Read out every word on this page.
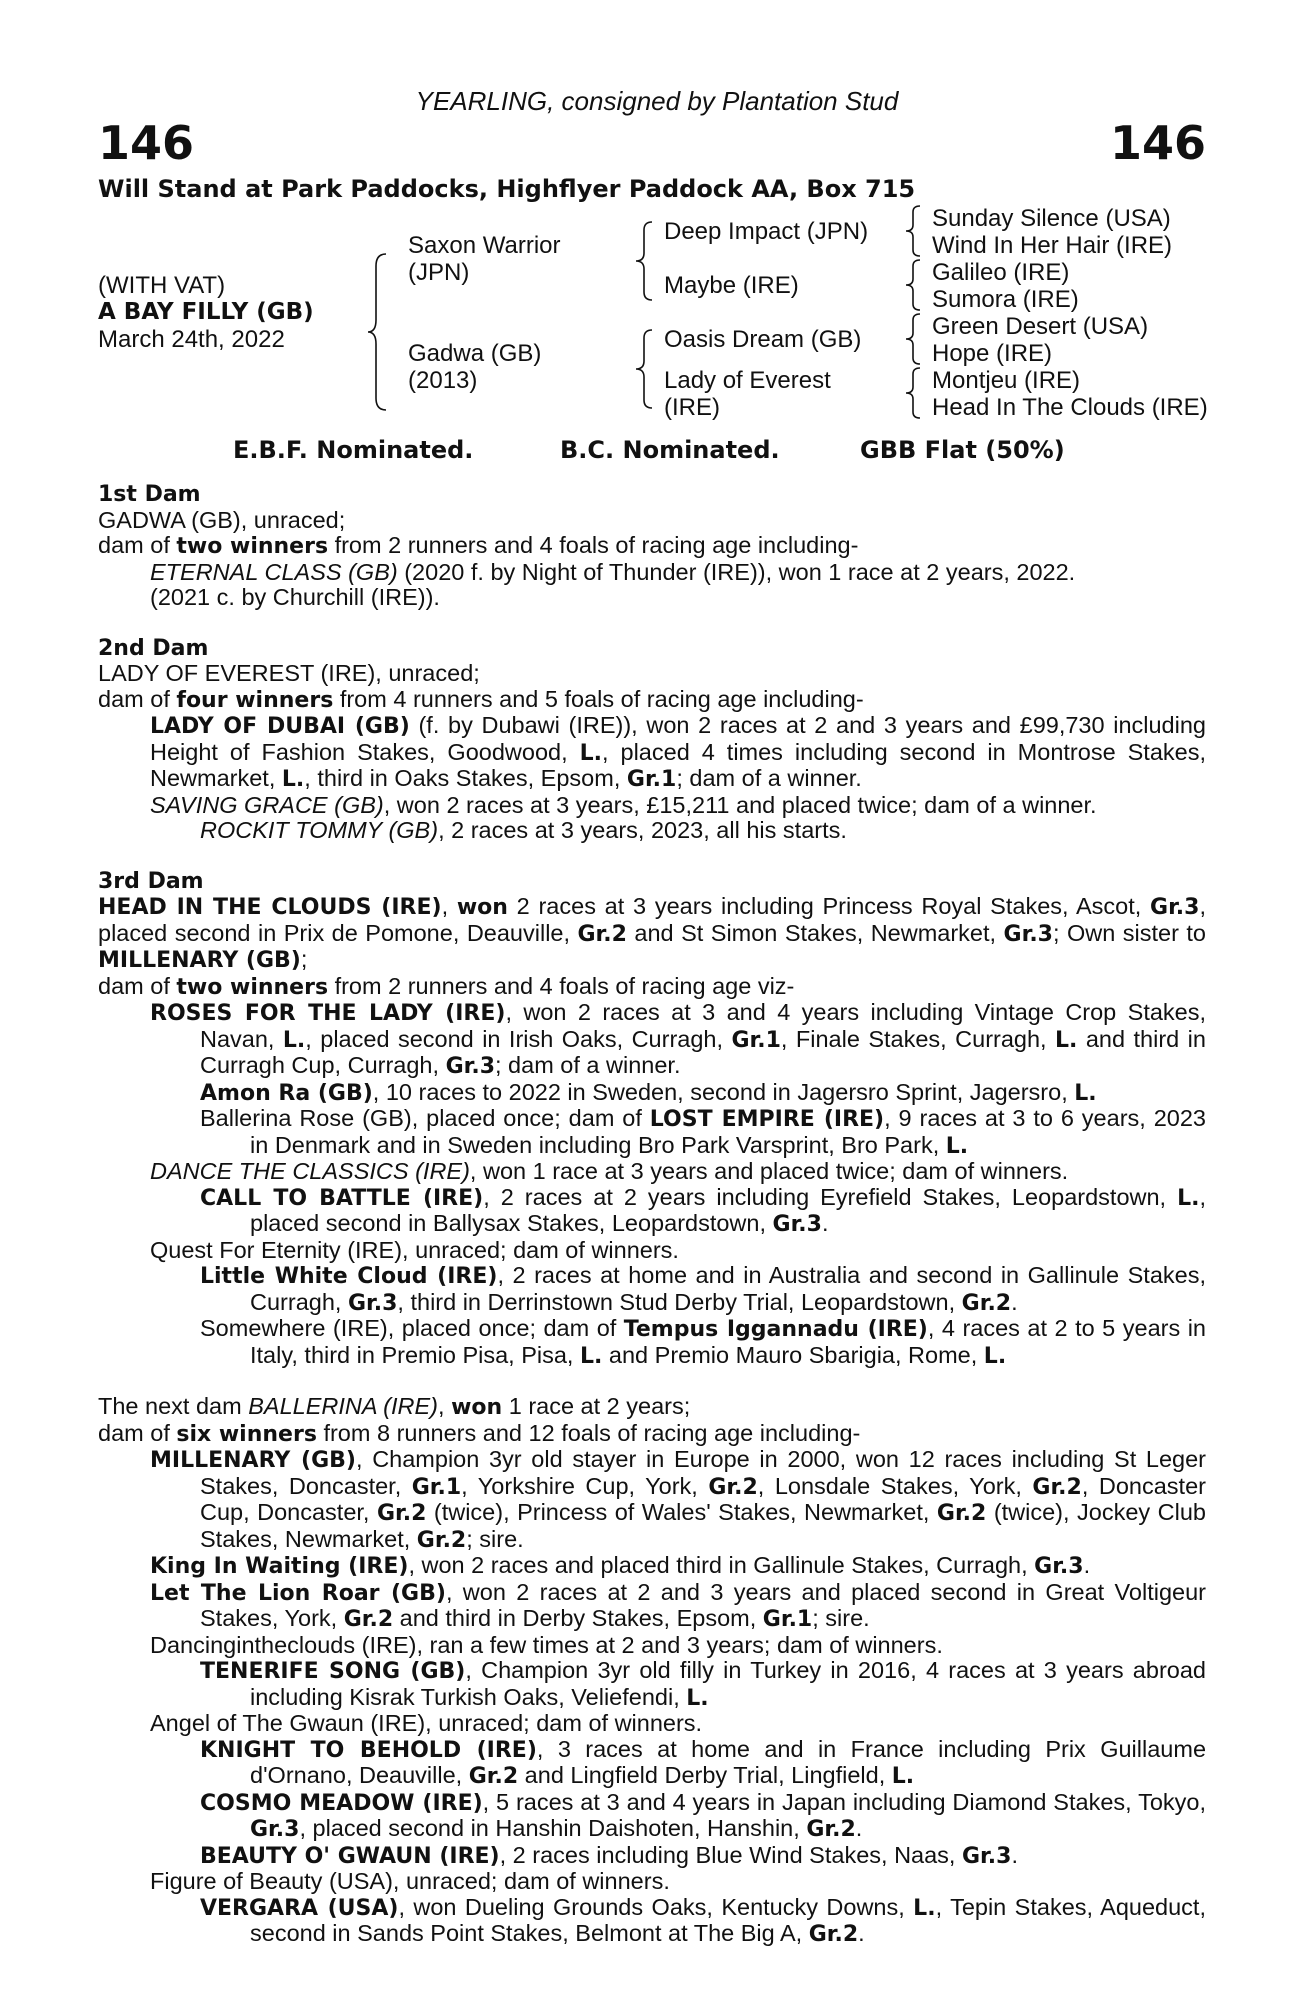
YEARLING, consigned by Plantation Stud
146	146
Will Stand at Park Paddocks, Highflyer Paddock AA, Box 715
(WITH VAT)
A BAY FILLY (GB)
March 24th, 2022
Saxon Warrior
(JPN)
Gadwa (GB)
(2013)
Deep Impact (JPN)
Maybe (IRE)
Oasis Dream (GB)
Lady of Everest
(IRE)
Sunday Silence (USA)
Wind In Her Hair (IRE)
Galileo (IRE)
Sumora (IRE)
Green Desert (USA)
Hope (IRE)
Montjeu (IRE)
Head In The Clouds (IRE)
E.B.F. Nominated.	B.C. Nominated.	GBB Flat (50%)

1st Dam

GADWA (GB), unraced;

dam of two winners from 2 runners and 4 foals of racing age including-

ETERNAL CLASS (GB) (2020 f. by Night of Thunder (IRE)), won 1 race at 2 years, 2022.

(2021 c. by Churchill (IRE)).

2nd Dam

LADY OF EVEREST (IRE), unraced;

dam of four winners from 4 runners and 5 foals of racing age including-

LADY OF DUBAI (GB) (f. by Dubawi (IRE)), won 2 races at 2 and 3 years and £99,730 including Height of Fashion Stakes, Goodwood, L., placed 4 times including second in Montrose Stakes, Newmarket, L., third in Oaks Stakes, Epsom, Gr.1; dam of a winner.

SAVING GRACE (GB), won 2 races at 3 years, £15,211 and placed twice; dam of a winner.

ROCKIT TOMMY (GB), 2 races at 3 years, 2023, all his starts.

3rd Dam

HEAD IN THE CLOUDS (IRE), won 2 races at 3 years including Princess Royal Stakes, Ascot, Gr.3, placed second in Prix de Pomone, Deauville, Gr.2 and St Simon Stakes, Newmarket, Gr.3; Own sister to MILLENARY (GB);

dam of two winners from 2 runners and 4 foals of racing age viz-

ROSES FOR THE LADY (IRE), won 2 races at 3 and 4 years including Vintage Crop Stakes, Navan, L., placed second in Irish Oaks, Curragh, Gr.1, Finale Stakes, Curragh, L. and third in Curragh Cup, Curragh, Gr.3; dam of a winner.

Amon Ra (GB), 10 races to 2022 in Sweden, second in Jagersro Sprint, Jagersro, L.

Ballerina Rose (GB), placed once; dam of LOST EMPIRE (IRE), 9 races at 3 to 6 years, 2023 in Denmark and in Sweden including Bro Park Varsprint, Bro Park, L.

DANCE THE CLASSICS (IRE), won 1 race at 3 years and placed twice; dam of winners.

CALL TO BATTLE (IRE), 2 races at 2 years including Eyrefield Stakes, Leopardstown, L., placed second in Ballysax Stakes, Leopardstown, Gr.3.

Quest For Eternity (IRE), unraced; dam of winners.

Little White Cloud (IRE), 2 races at home and in Australia and second in Gallinule Stakes, Curragh, Gr.3, third in Derrinstown Stud Derby Trial, Leopardstown, Gr.2.

Somewhere (IRE), placed once; dam of Tempus Iggannadu (IRE), 4 races at 2 to 5 years in Italy, third in Premio Pisa, Pisa, L. and Premio Mauro Sbarigia, Rome, L.

The next dam BALLERINA (IRE), won 1 race at 2 years;

dam of six winners from 8 runners and 12 foals of racing age including-

MILLENARY (GB), Champion 3yr old stayer in Europe in 2000, won 12 races including St Leger Stakes, Doncaster, Gr.1, Yorkshire Cup, York, Gr.2, Lonsdale Stakes, York, Gr.2, Doncaster Cup, Doncaster, Gr.2 (twice), Princess of Wales' Stakes, Newmarket, Gr.2 (twice), Jockey Club Stakes, Newmarket, Gr.2; sire.

King In Waiting (IRE), won 2 races and placed third in Gallinule Stakes, Curragh, Gr.3.

Let The Lion Roar (GB), won 2 races at 2 and 3 years and placed second in Great Voltigeur Stakes, York, Gr.2 and third in Derby Stakes, Epsom, Gr.1; sire.

Dancingintheclouds (IRE), ran a few times at 2 and 3 years; dam of winners.

TENERIFE SONG (GB), Champion 3yr old filly in Turkey in 2016, 4 races at 3 years abroad including Kisrak Turkish Oaks, Veliefendi, L.

Angel of The Gwaun (IRE), unraced; dam of winners.

KNIGHT TO BEHOLD (IRE), 3 races at home and in France including Prix Guillaume d'Ornano, Deauville, Gr.2 and Lingfield Derby Trial, Lingfield, L.

COSMO MEADOW (IRE), 5 races at 3 and 4 years in Japan including Diamond Stakes, Tokyo, Gr.3, placed second in Hanshin Daishoten, Hanshin, Gr.2.

BEAUTY O' GWAUN (IRE), 2 races including Blue Wind Stakes, Naas, Gr.3.

Figure of Beauty (USA), unraced; dam of winners.

VERGARA (USA), won Dueling Grounds Oaks, Kentucky Downs, L., Tepin Stakes, Aqueduct, second in Sands Point Stakes, Belmont at The Big A, Gr.2.
